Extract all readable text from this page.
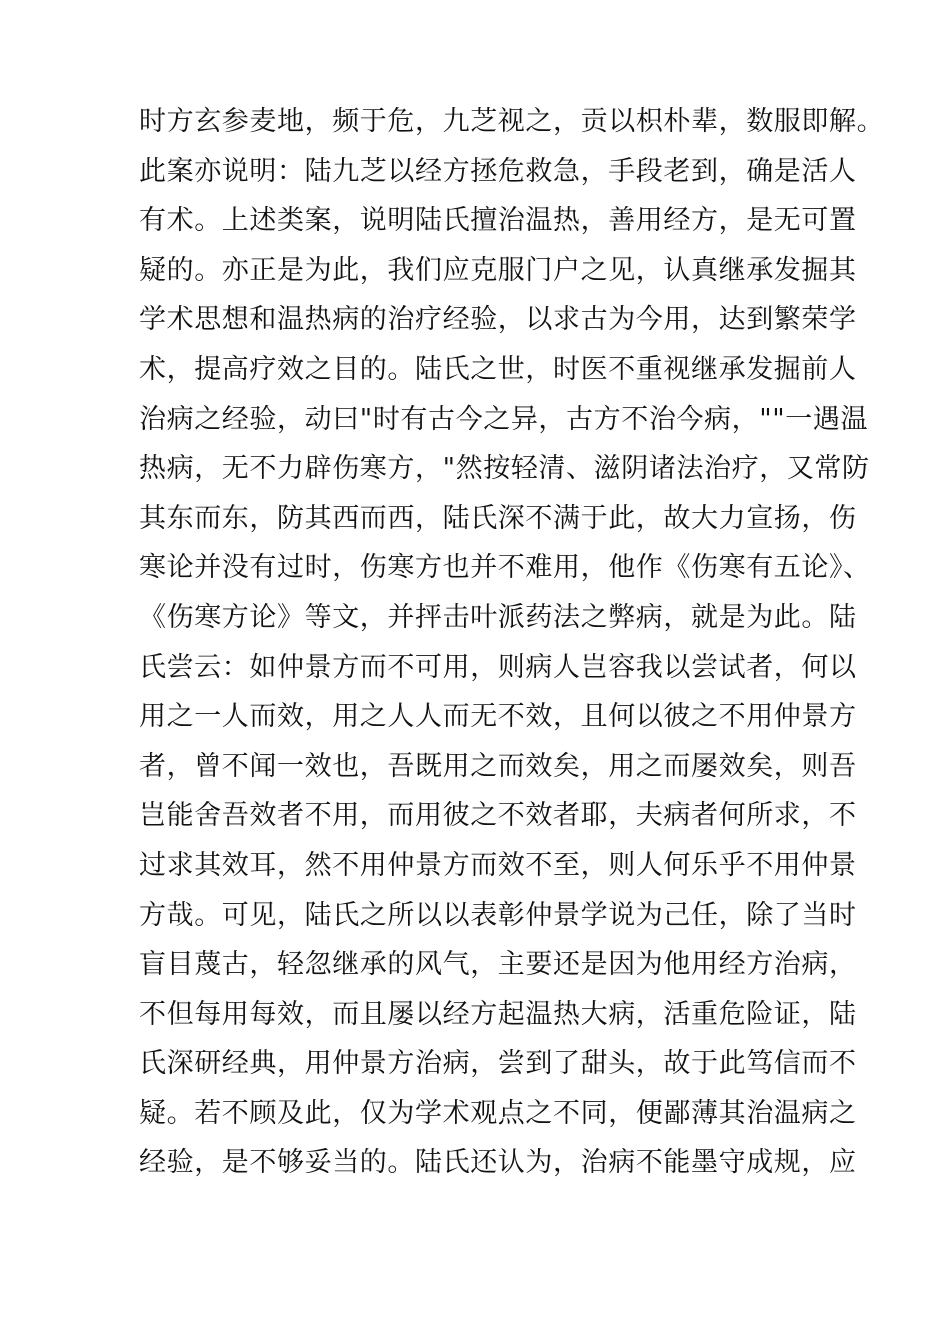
时方玄参麦地，频于危，九芝视之，贡以枳朴辈，数服即解。
此案亦说明：陆九芝以经方拯危救急，手段老到，确是活人
有术。上述类案，说明陆氏擅治温热，善用经方，是无可置
疑的。亦正是为此，我们应克服门户之见，认真继承发掘其
学术思想和温热病的治疗经验，以求古为今用，达到繁荣学
术，提高疗效之目的。陆氏之世，时医不重视继承发掘前人
治病之经验，动曰"时有古今之异，古方不治今病，""一遇温
热病，无不力辟伤寒方，"然按轻清、滋阴诸法治疗，又常防
其东而东，防其西而西，陆氏深不满于此，故大力宣扬，伤
寒论并没有过时，伤寒方也并不难用，他作《伤寒有五论》、
《伤寒方论》等文，并抨击叶派药法之弊病，就是为此。陆
氏尝云：如仲景方而不可用，则病人岂容我以尝试者，何以
用之一人而效，用之人人而无不效，且何以彼之不用仲景方
者，曾不闻一效也，吾既用之而效矣，用之而屡效矣，则吾
岂能舍吾效者不用，而用彼之不效者耶，夫病者何所求，不
过求其效耳，然不用仲景方而效不至，则人何乐乎不用仲景
方哉。可见，陆氏之所以以表彰仲景学说为己任，除了当时
盲目蔑古，轻忽继承的风气，主要还是因为他用经方治病，
不但每用每效，而且屡以经方起温热大病，活重危险证，陆
氏深研经典，用仲景方治病，尝到了甜头，故于此笃信而不
疑。若不顾及此，仅为学术观点之不同，便鄙薄其治温病之
经验，是不够妥当的。陆氏还认为，治病不能墨守成规，应
